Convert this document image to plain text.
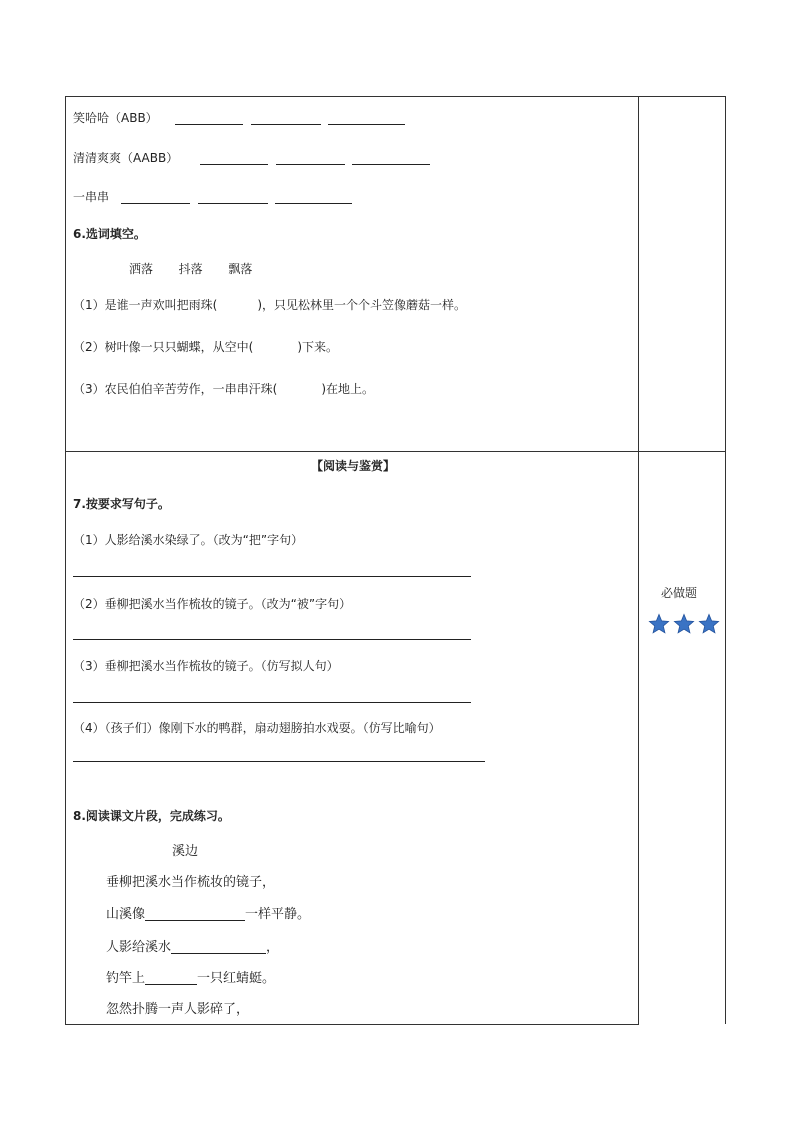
笑哈哈（ABB）
清清爽爽（AABB）
一串串
6.选词填空。
洒落 抖落 飘落
（1）是谁一声欢叫把雨珠(	)，只见松林里一个个斗笠像蘑菇一样。
（2）树叶像一只只蝴蝶，从空中(	)下来。
（3）农民伯伯辛苦劳作，一串串汗珠(	)在地上。
【阅读与鉴赏】
7.按要求写句子。
（1）人影给溪水染绿了。（改为“把”字句）
（2）垂柳把溪水当作梳妆的镜子。（改为“被”字句）
（3）垂柳把溪水当作梳妆的镜子。（仿写拟人句）
（4）（孩子们）像刚下水的鸭群，扇动翅膀拍水戏耍。（仿写比喻句）
8.阅读课文片段，完成练习。
溪边
垂柳把溪水当作梳妆的镜子，
山溪像	一样平静。
人影给溪水	，
钓竿上	一只红蜻蜓。
忽然扑腾一声人影碎了，
必做题
